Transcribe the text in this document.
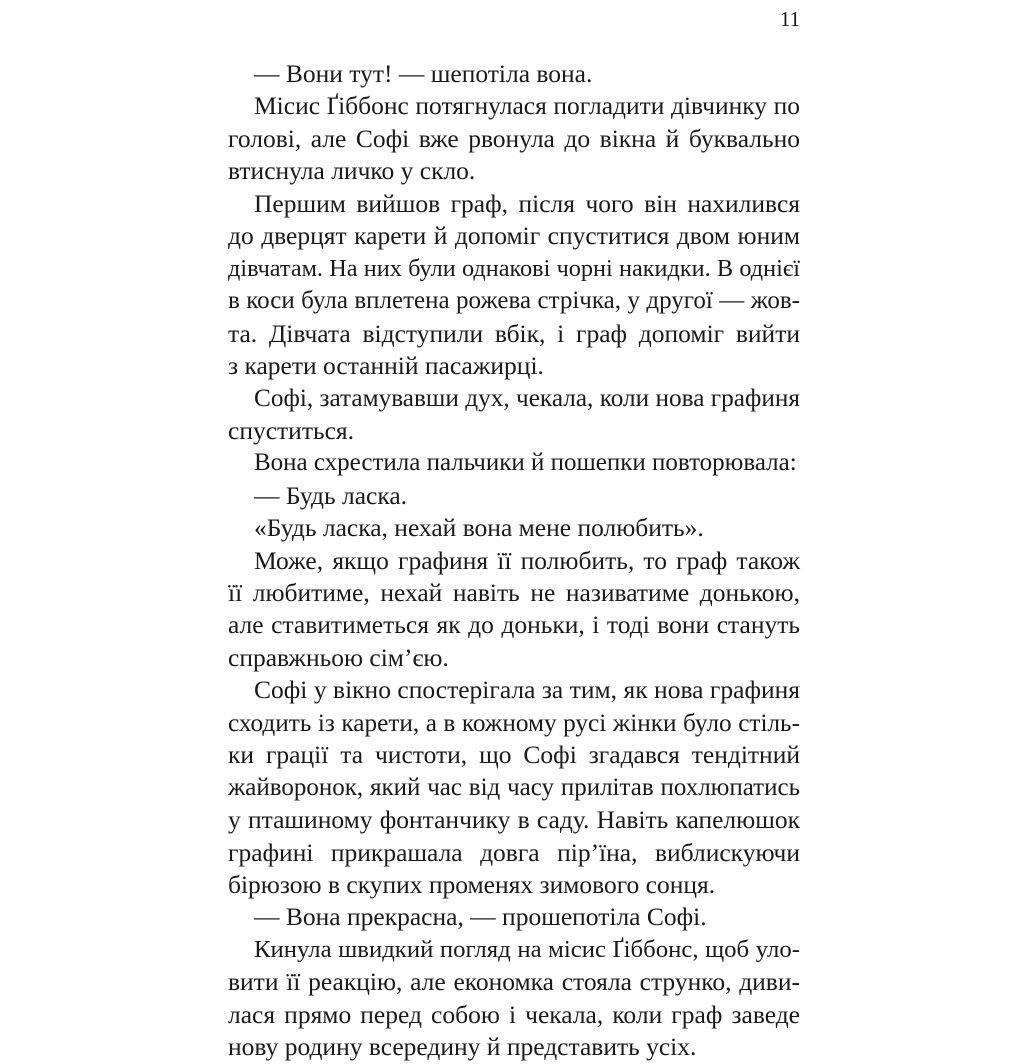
11
— Вони тут! — шепотіла вона.
Місис Ґіббонс потягнулася погладити дівчинку по
голові, але Софі вже рвонула до вікна й буквально
втиснула личко у скло.
Першим вийшов граф, після чого він нахилився
до дверцят карети й допоміг спуститися двом юним
дівчатам. На них були однакові чорні накидки. В однієї
в коси була вплетена рожева стрічка, у другої — жов-
та. Дівчата відступили вбік, і граф допоміг вийти
з карети останній пасажирці.
Софі, затамувавши дух, чекала, коли нова графиня
спуститься.
Вона схрестила пальчики й пошепки повторювала:
— Будь ласка.
«Будь ласка, нехай вона мене полюбить».
Може, якщо графиня її полюбить, то граф також
її любитиме, нехай навіть не називатиме донькою,
але ставитиметься як до доньки, і тоді вони стануть
справжньою сім’єю.
Софі у вікно спостерігала за тим, як нова графиня
сходить із карети, а в кожному русі жінки було стіль-
ки грації та чистоти, що Софі згадався тендітний
жайворонок, який час від часу прилітав похлюпатись
у пташиному фонтанчику в саду. Навіть капелюшок
графині прикрашала довга пір’їна, виблискуючи
бірюзою в скупих променях зимового сонця.
— Вона прекрасна, — прошепотіла Софі.
Кинула швидкий погляд на місис Ґіббонс, щоб уло-
вити її реакцію, але економка стояла струнко, диви-
лася прямо перед собою і чекала, коли граф заведе
нову родину всередину й представить усіх.
